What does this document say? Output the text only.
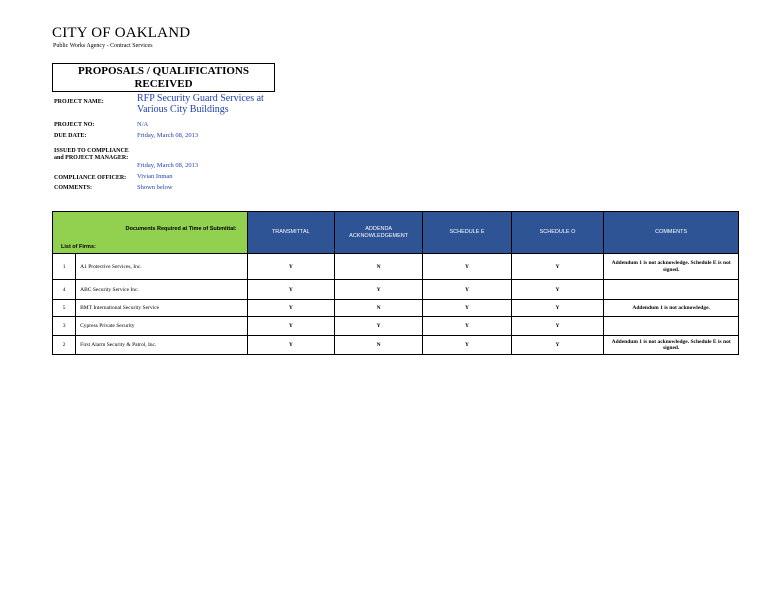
CITY OF OAKLAND
Public Works Agency - Contract Services
PROPOSALS / QUALIFICATIONS RECEIVED
PROJECT NAME:	RFP Security Guard Services at Various City Buildings
PROJECT NO:	N/A
DUE DATE:	Friday, March 08, 2013
ISSUED TO COMPLIANCE and PROJECT MANAGER:
Friday, March 08, 2013
COMPLIANCE OFFICER: Vivian Inman
COMMENTS:	Shown below
Documents Required at Time of Submittal:
List of Firms:		TRANSMITTAL	ADDENDA ACKNOWLEDGEMENT	SCHEDULE E	SCHEDULE O	COMMENTS
1	A1 Protective Services, Inc.	Y	N	Y	Y	Addendum 1 is not acknowledge. Schedule E is not signed.
4	ABC Security Service Inc.	Y	Y	Y	Y	
5	BMT International Security Service	Y	N	Y	Y	Addendum 1 is not acknowledge.
3	Cypress Private Security	Y	Y	Y	Y	
2	First Alarm Security & Patrol, Inc.	Y	N	Y	Y	Addendum 1 is not acknowledge. Schedule E is not signed.
